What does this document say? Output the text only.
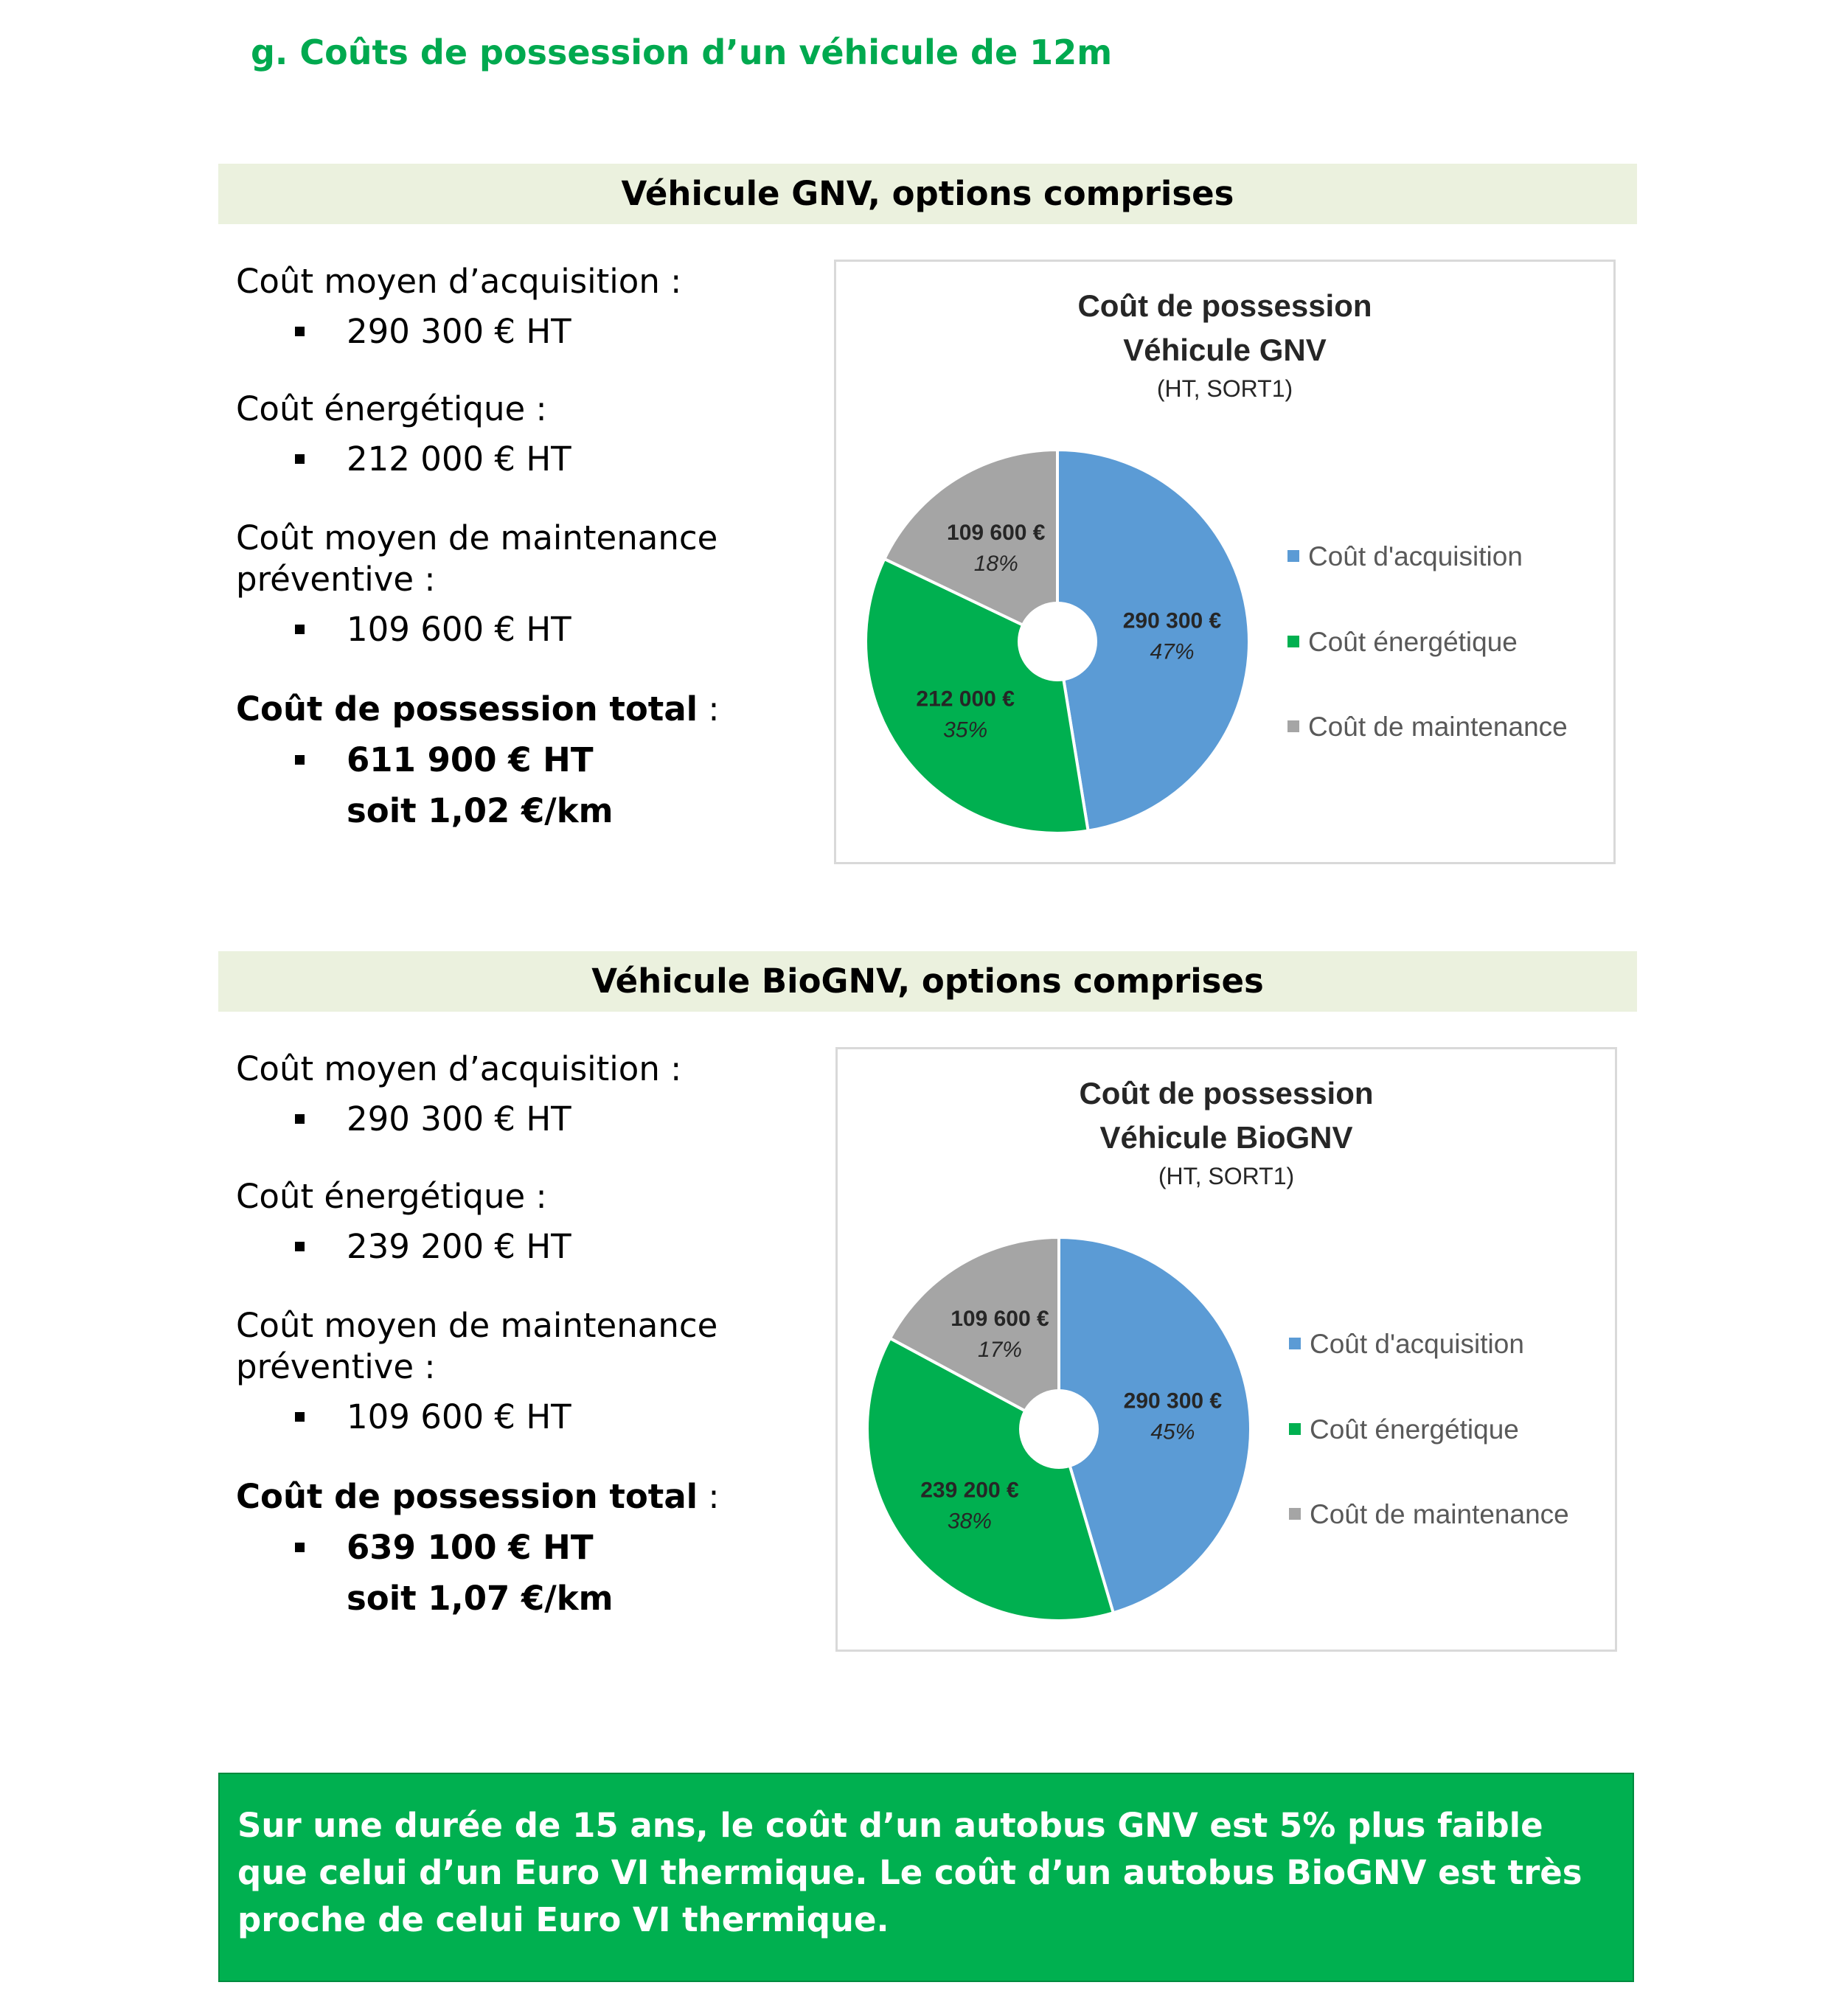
g. Coûts de possession d’un véhicule de 12m
Véhicule GNV, options comprises
Coût moyen d’acquisition :
290 300 € HT
Coût énergétique :
212 000 € HT
Coût moyen de maintenance
préventive :
109 600 € HT
Coût de possession total :
611 900 € HT
soit 1,02 €/km
Coût de possession
Véhicule GNV
(HT, SORT1)
290 300 €
47%
212 000 €
35%
109 600 €
18%	Coût d'acquisition
Coût énergétique
Coût de maintenance
Véhicule BioGNV, options comprises
Coût moyen d’acquisition :
290 300 € HT
Coût énergétique :
239 200 € HT
Coût moyen de maintenance
préventive :
109 600 € HT
Coût de possession total :
639 100 € HT
soit 1,07 €/km
Coût de possession
Véhicule BioGNV
(HT, SORT1)
290 300 €
45%
239 200 €
38%
109 600 €
17%	Coût d'acquisition
Coût énergétique
Coût de maintenance
Sur une durée de 15 ans, le coût d’un autobus GNV est 5% plus faible
que celui d’un Euro VI thermique. Le coût d’un autobus BioGNV est très
proche de celui Euro VI thermique.
